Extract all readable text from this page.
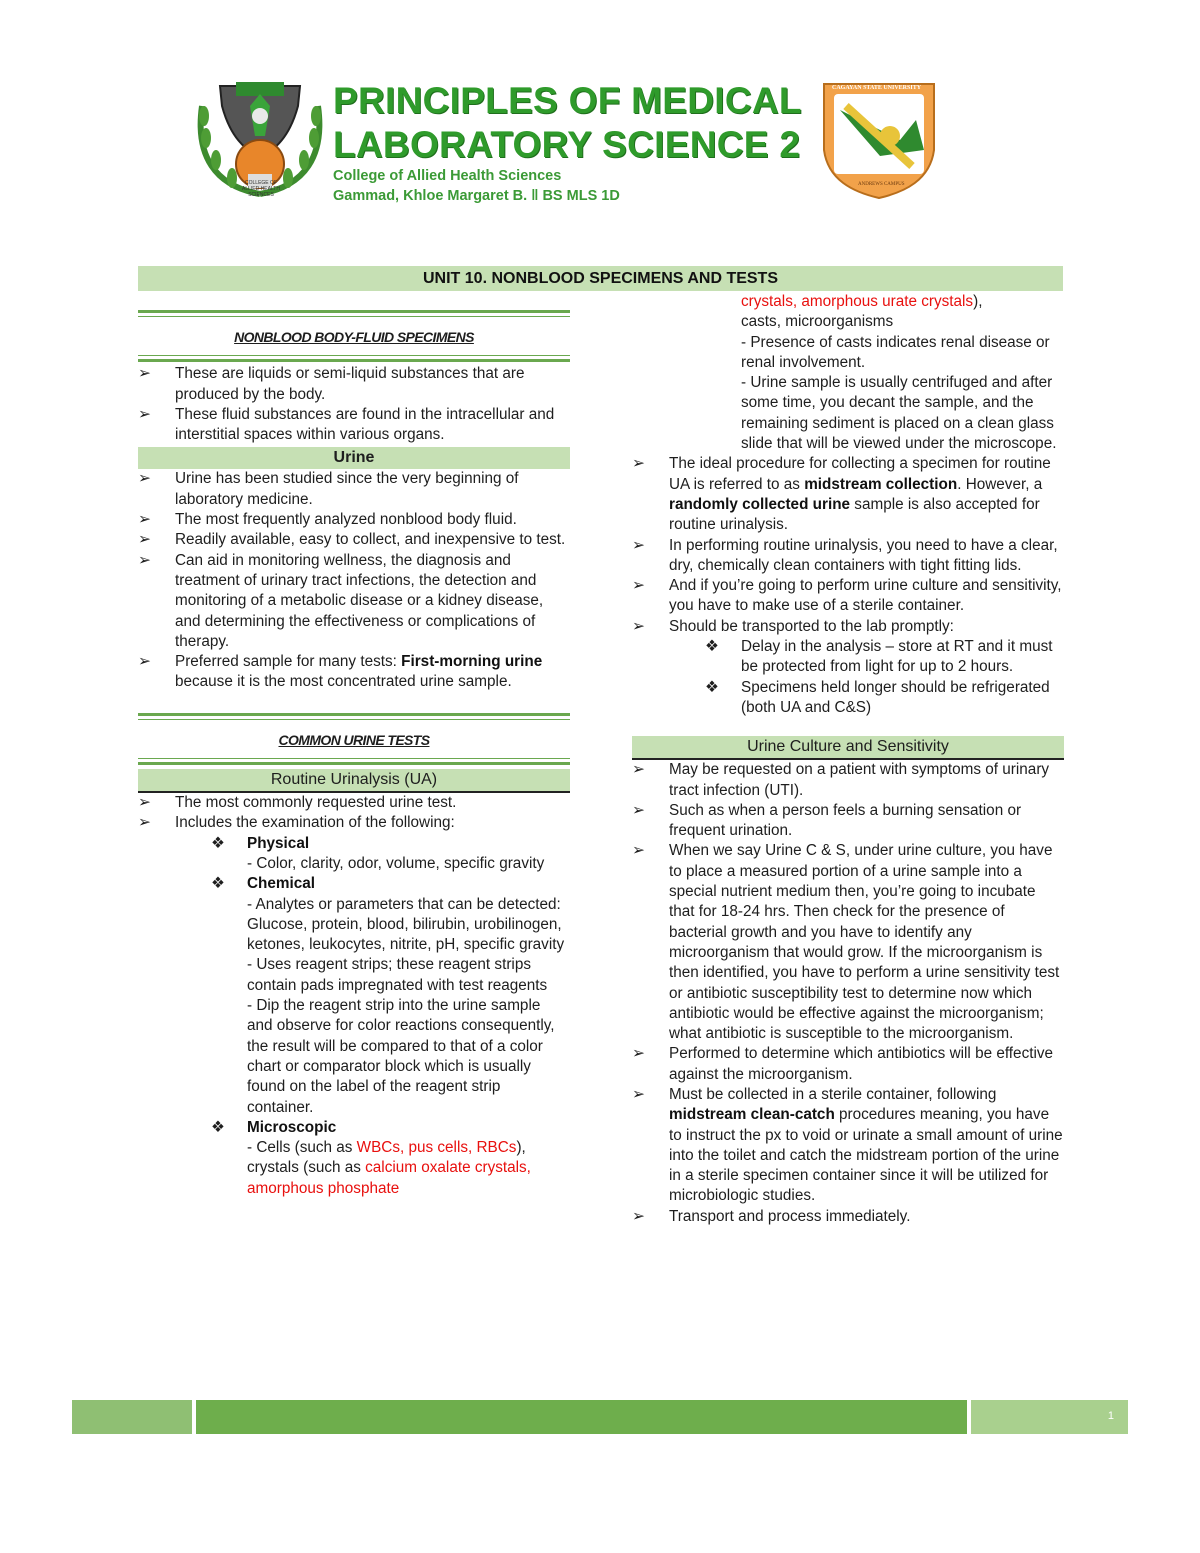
PRINCIPLES OF MEDICAL
LABORATORY SCIENCE 2
College of Allied Health Sciences
Gammad, Khloe Margaret B. ǁ BS MLS 1D
CAGAYAN STATE UNIVERSITY
ANDREWS CAMPUS
COLLEGE OF ALLIED HEALTH SCIENCES
UNIT 10. NONBLOOD SPECIMENS AND TESTS
NONBLOOD BODY-FLUID SPECIMENS

➢	These are liquids or semi-liquid substances that are produced by the body.

➢	These fluid substances are found in the intracellular and interstitial spaces within various organs.

Urine

➢	Urine has been studied since the very beginning of laboratory medicine.

➢	The most frequently analyzed nonblood body fluid.

➢	Readily available, easy to collect, and inexpensive to test.

➢	Can aid in monitoring wellness, the diagnosis and treatment of urinary tract infections, the detection and monitoring of a metabolic disease or a kidney disease, and determining the effectiveness or complications of therapy.

➢	Preferred sample for many tests: First-morning urine because it is the most concentrated urine sample.

COMMON URINE TESTS
Routine Urinalysis (UA)

➢	The most commonly requested urine test.

➢	Includes the examination of the following:

❖ Physical

- Color, clarity, odor, volume, specific gravity

❖ Chemical

- Analytes or parameters that can be detected:

Glucose, protein, blood, bilirubin, urobilinogen, ketones, leukocytes, nitrite, pH, specific gravity

- Uses reagent strips; these reagent strips contain pads impregnated with test reagents

- Dip the reagent strip into the urine sample and observe for color reactions consequently, the result will be compared to that of a color chart or comparator block which is usually found on the label of the reagent strip container.

❖ Microscopic

- Cells (such as WBCs, pus cells, RBCs), crystals (such as calcium oxalate crystals, amorphous phosphate

crystals, amorphous urate crystals),

casts, microorganisms

- Presence of casts indicates renal disease or renal involvement.

- Urine sample is usually centrifuged and after some time, you decant the sample, and the remaining sediment is placed on a clean glass slide that will be viewed under the microscope.

➢	The ideal procedure for collecting a specimen for routine UA is referred to as midstream collection. However, a randomly collected urine sample is also accepted for routine urinalysis.

➢	In performing routine urinalysis, you need to have a clear, dry, chemically clean containers with tight fitting lids.

➢	And if you’re going to perform urine culture and sensitivity, you have to make use of a sterile container.

➢	Should be transported to the lab promptly:

❖ Delay in the analysis – store at RT and it must be protected from light for up to 2 hours.

❖ Specimens held longer should be refrigerated (both UA and C&S)

Urine Culture and Sensitivity

➢	May be requested on a patient with symptoms of urinary tract infection (UTI).

➢	Such as when a person feels a burning sensation or frequent urination.

➢	When we say Urine C & S, under urine culture, you have to place a measured portion of a urine sample into a special nutrient medium then, you’re going to incubate that for 18-24 hrs. Then check for the presence of bacterial growth and you have to identify any microorganism that would grow. If the microorganism is then identified, you have to perform a urine sensitivity test or antibiotic susceptibility test to determine now which antibiotic would be effective against the microorganism; what antibiotic is susceptible to the microorganism.

➢	Performed to determine which antibiotics will be effective against the microorganism.

➢	Must be collected in a sterile container, following midstream clean-catch procedures meaning, you have to instruct the px to void or urinate a small amount of urine into the toilet and catch the midstream portion of the urine in a sterile specimen container since it will be utilized for microbiologic studies.

➢	Transport and process immediately.

1
